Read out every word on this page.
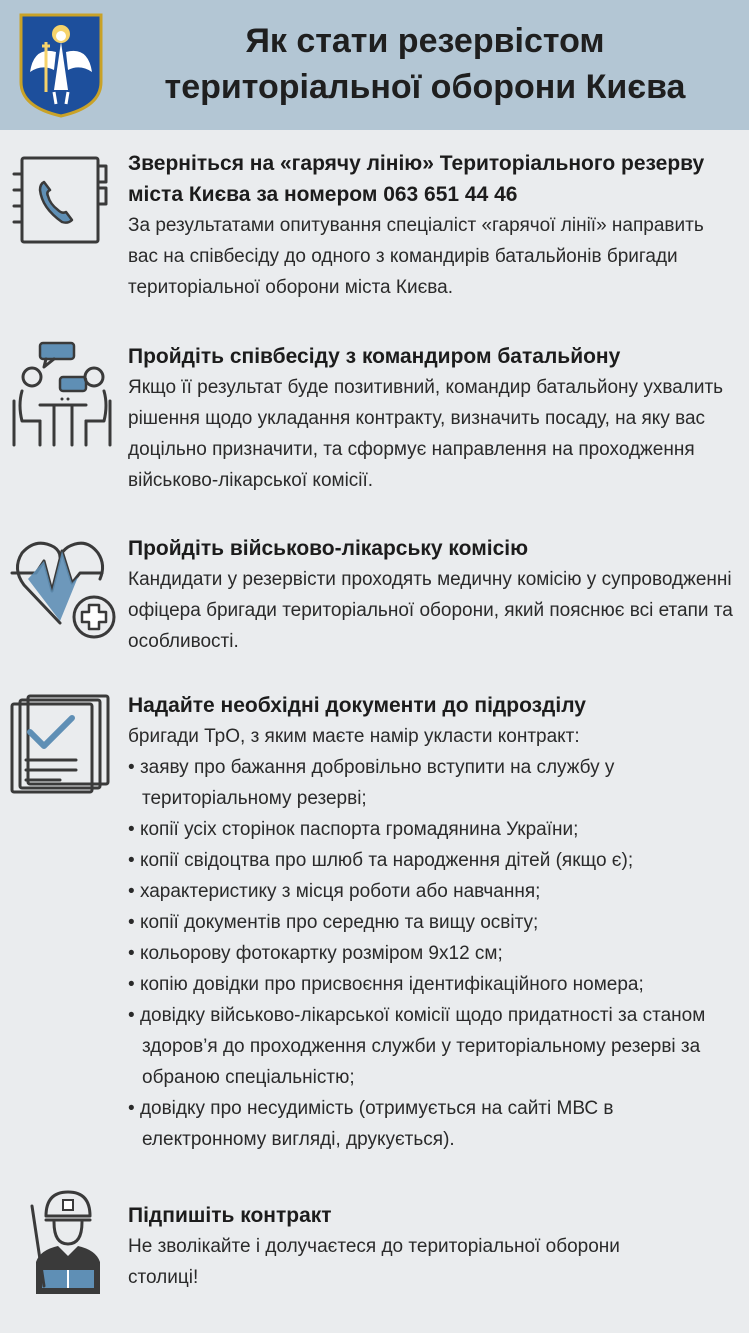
Як стати резервістом
територіальної оборони Києва
Зверніться на «гарячу лінію» Територіального резерву міста Києва за номером 063 651 44 46
За результатами опитування спеціаліст «гарячої лінії» направить вас на співбесіду до одного з командирів батальйонів бригади територіальної оборони міста Києва.
Пройдіть співбесіду з командиром батальйону
Якщо її результат буде позитивний, командир батальйону ухвалить рішення щодо укладання контракту, визначить посаду, на яку вас доцільно призначити, та сформує направлення на проходження військово-лікарської комісії.
Пройдіть військово-лікарську комісію
Кандидати у резервісти проходять медичну комісію у супроводженні офіцера бригади територіальної оборони, який пояснює всі етапи та особливості.
Надайте необхідні документи до підрозділу
бригади ТрО, з яким маєте намір укласти контракт:
• заяву про бажання добровільно вступити на службу у територіальному резерві;
• копії усіх сторінок паспорта громадянина України;
• копії свідоцтва про шлюб та народження дітей (якщо є);
• характеристику з місця роботи або навчання;
• копії документів про середню та вищу освіту;
• кольорову фотокартку розміром 9х12 см;
• копію довідки про присвоєння ідентифікаційного номера;
• довідку військово-лікарської комісії щодо придатності за станом здоров’я до проходження служби у територіальному резерві за обраною спеціальністю;
• довідку про несудимість (отримується на сайті МВС в електронному вигляді, друкується).
Підпишіть контракт
Не зволікайте і долучаєтеся до територіальної оборони столиці!
